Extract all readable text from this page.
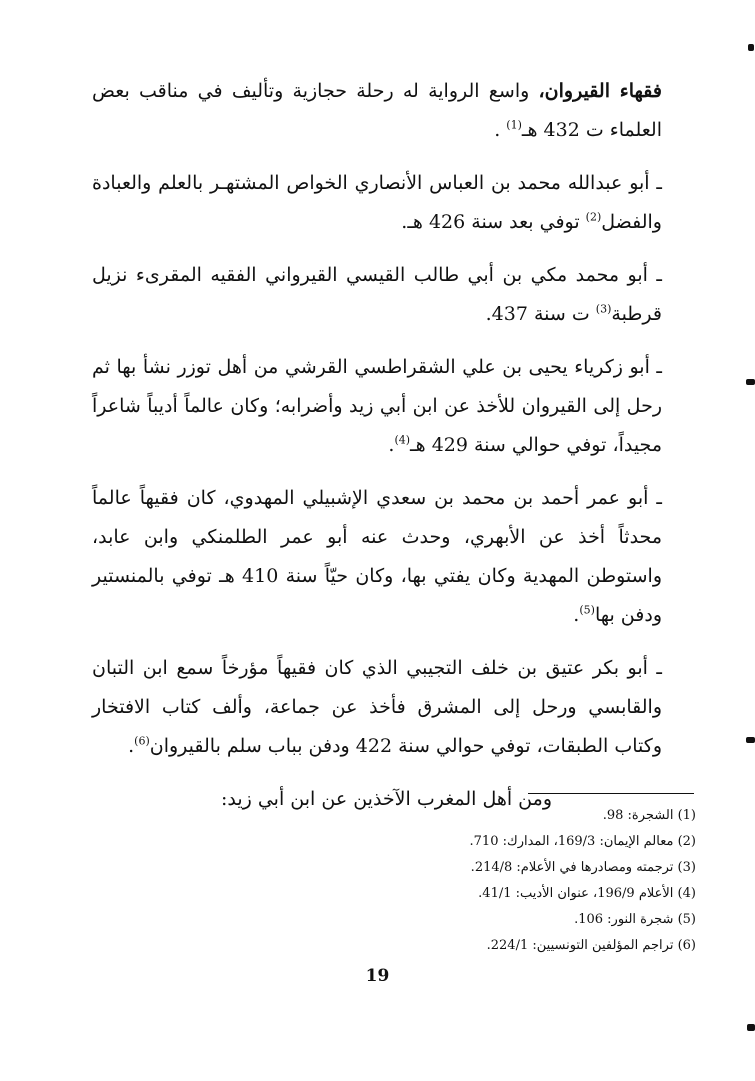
فقهاء القيروان، واسع الرواية له رحلة حجازية وتأليف في مناقب بعض العلماء ت 432 هـ$^{(1)}$ .

ـ أبو عبدالله محمد بن العباس الأنصاري الخواص المشتهـر بالعلم والعبادة والفضل$^{(2)}$ توفي بعد سنة 426 هـ.

ـ أبو محمد مكي بن أبي طالب القيسي القيرواني الفقيه المقرىء نزيل قرطبة$^{(3)}$ ت سنة 437.

ـ أبو زكرياء يحيى بن علي الشقراطسي القرشي من أهل توزر نشأ بها ثم رحل إلى القيروان للأخذ عن ابن أبي زيد وأضرابه؛ وكان عالماً أديباً شاعراً مجيداً، توفي حوالي سنة 429 هـ$^{(4)}$.

ـ أبو عمر أحمد بن محمد بن سعدي الإشبيلي المهدوي، كان فقيهاً عالماً محدثاً أخذ عن الأبهري، وحدث عنه أبو عمر الطلمنكي وابن عابد، واستوطن المهدية وكان يفتي بها، وكان حيّاً سنة 410 هـ توفي بالمنستير ودفن بها$^{(5)}$.

ـ أبو بكر عتيق بن خلف التجيبي الذي كان فقيهاً مؤرخاً سمع ابن التبان والقابسي ورحل إلى المشرق فأخذ عن جماعة، وألف كتاب الافتخار وكتاب الطبقات، توفي حوالي سنة 422 ودفن بباب سلم بالقيروان$^{(6)}$.

ومن أهل المغرب الآخذين عن ابن أبي زيد:

(1) الشجرة: 98.

(2) معالم الإيمان: 169/3، المدارك: 710.

(3) ترجمته ومصادرها في الأعلام: 214/8.

(4) الأعلام 196/9، عنوان الأديب: 41/1.

(5) شجرة النور: 106.

(6) تراجم المؤلفين التونسيين: 224/1.

19
